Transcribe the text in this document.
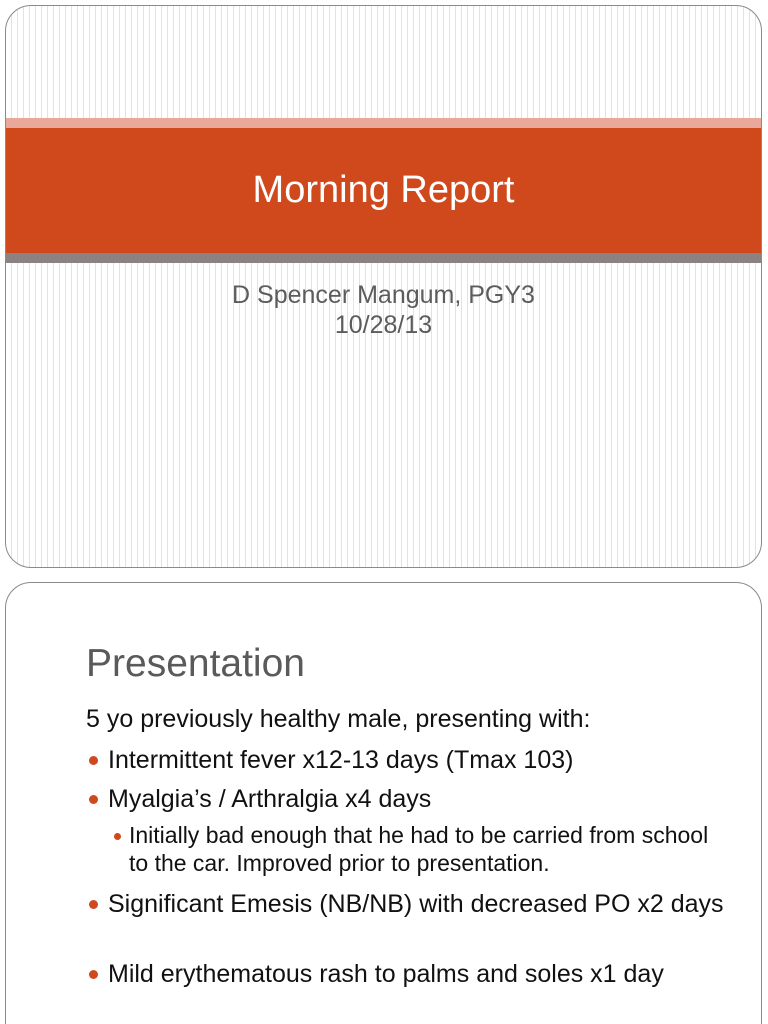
Morning Report
D Spencer Mangum, PGY3
10/28/13
Presentation
5 yo previously healthy male, presenting with:
Intermittent fever x12-13 days (Tmax 103)
Myalgia’s / Arthralgia x4 days
Initially bad enough that he had to be carried from school to the car. Improved prior to presentation.
Significant Emesis (NB/NB) with decreased PO x2 days
Mild erythematous rash to palms and soles x1 day
